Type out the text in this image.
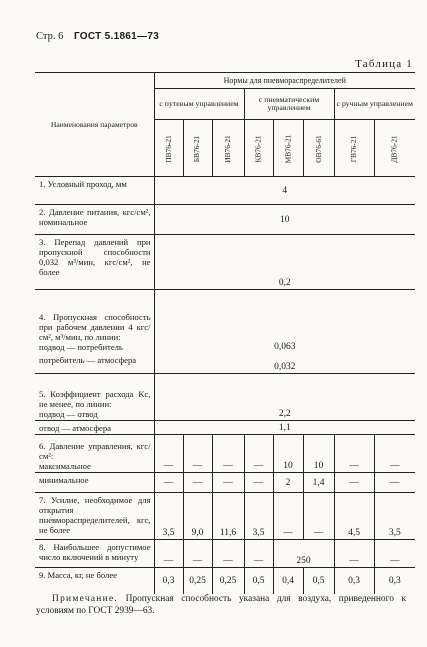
Стр. 6 ГОСТ 5.1861—73
Таблица 1
Наименования параметров	Нормы для пневмораспределителей							
	с путевым управлением			с пневматическим управлением			с ручным управлением	
	ПВ76-21	БВ76-21	ИВ76-21	КВ76-21	МВ76-21	ОВ76-61	ГВ76-21	ДВ76-21
1. Условный проход, мм	4							
2. Давление питания, кгс/см², номинальное	10							
3. Перепад давлений при пропускной способности 0,032 м³/мин, кгс/см², не более	0,2							
4. Пропускная способность при рабочем давлении 4 кгс/см², м³/мин, по линии:
подвод — потребитель	0,063							
потребитель — атмосфера	0,032							
5. Коэффициент расхода Kc, не менее, по линии:
подвод — отвод	2,2							
отвод — атмосфера	1,1							
6. Давление управления, кгс/см²:
максимальное	—	—	—	—	10	10	—	—
минимальное	—	—	—	—	2	1,4	—	—
7. Усилие, необходимое для открытия пневмораспределителей, кгс, не более	3,5	9,0	11,6	3,5	—	—	4,5	3,5
8. Наибольшее допустимое число включений в минуту	—	—	—	—	250		—	—
9. Масса, кг, не более	0,3	0,25	0,25	0,5	0,4	0,5	0,3	0,3
Примечание. Пропускная способность указана для воздуха, приведенного к условиям по ГОСТ 2939—63.
